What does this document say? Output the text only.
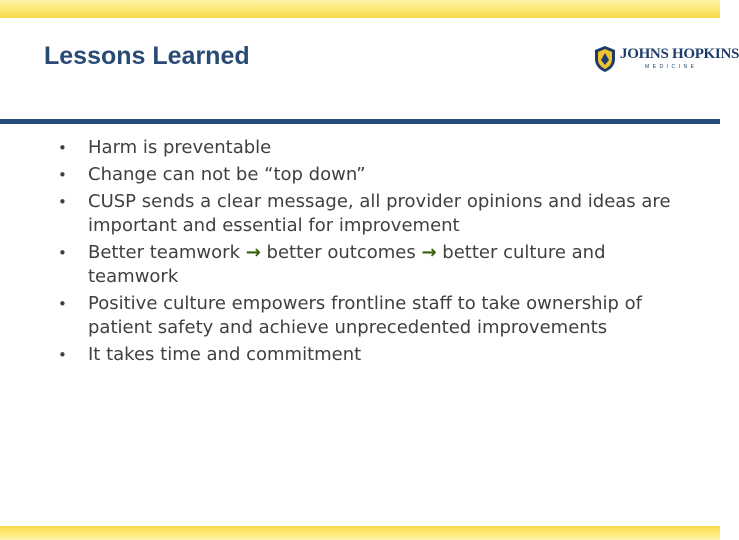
Lessons Learned	JOHNS HOPKINS
MEDICINE
• Harm is preventable
• Change can not be “top down”
• CUSP sends a clear message, all provider opinions and ideas are important and essential for improvement
• Better teamwork → better outcomes → better culture and teamwork
• Positive culture empowers frontline staff to take ownership of patient safety and achieve unprecedented improvements
• It takes time and commitment
